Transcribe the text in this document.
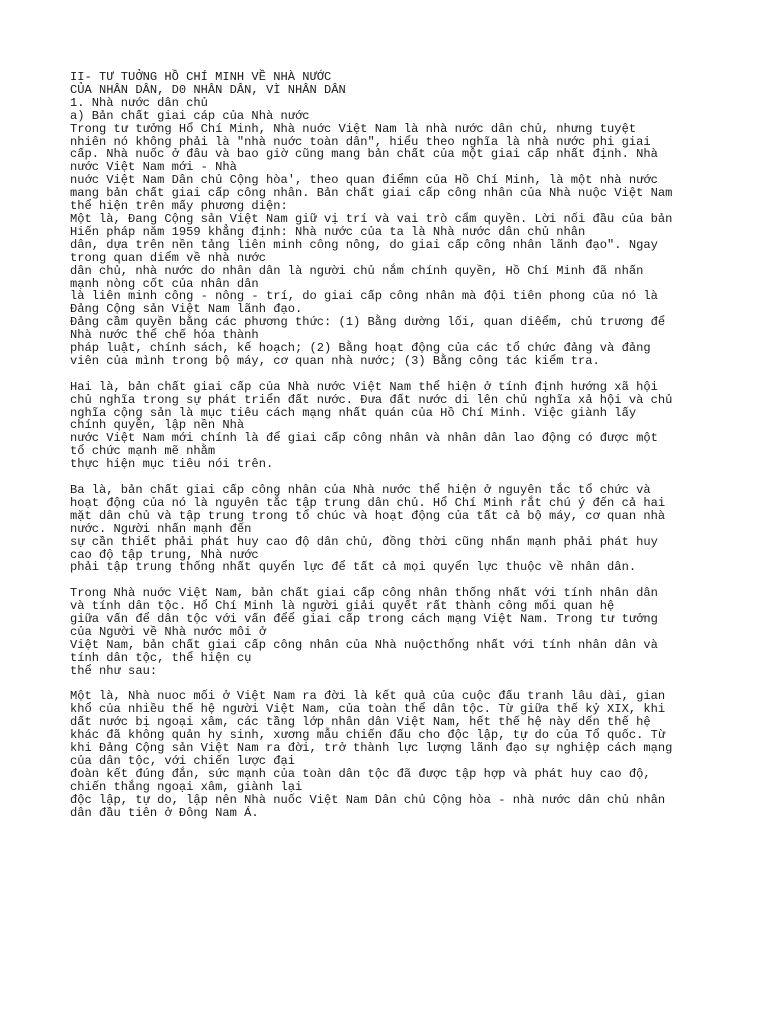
II- TƯ TUỞNG HỒ CHÍ MINH VỀ NHÀ NƯỚC
CỦA NHÂN DÂN, D0 NHÂN DÂN, VÌ NHÂN DÂN
1. Nhà nước dân chủ
a) Bản chất giai cáp của Nhà nước
Trong tư tưởng Hổ Chí Minh, Nhà nuớc Việt Nam là nhà nước dân chủ, nhưng tuyệt
nhiên nó không phải là "nhà nuớc toàn dân", hiểu theo nghĩa là nhà nước phi giai
cấp. Nhà nuốc ở đâu và bao giờ cũng mang bản chất của một giai cấp nhất định. Nhà
nước Việt Nam mới - Nhà
nuớc Việt Nam Dân chủ Cộng hòa', theo quan điểmn của Hồ Chí Minh, là một nhà nước
mang bản chất giai cấp công nhân. Bản chất giai cấp công nhân của Nhà nuộc Việt Nam
thể hiện trên mấy phương diện:
Một là, Đang Cộng sản Việt Nam giữ vị trí và vai trò cẩm quyền. Lời nối đầu của bản
Hiến pháp năm 1959 khẳng định: Nhà nước của ta là Nhà nước dân chủ nhân
dân, dựa trên nền tảng liên minh công nông, do giai cấp công nhân lãnh đạo". Ngay
trong quan diểm về nhà nước
dân chủ, nhà nước do nhân dân là người chủ nắm chính quyền, Hồ Chí Minh đã nhấn
mạnh nòng cốt của nhân dân
là liên minh công - nông - trí, do giai cấp công nhân mà đội tiên phong của nó là
Đảng Cộng sản Việt Nam lãnh đạo.
Đảng cầm quyền bằng các phương thức: (1) Bằng dường lối, quan diêểm, chủ trương để
Nhà nước thể chế hóa thành
pháp luật, chính sách, kế hoạch; (2) Bằng hoạt động của các tổ chức đảng và đảng
viên của mình trong bộ máy, cơ quan nhà nước; (3) Bằng công tác kiểm tra.
Hai là, bản chất giai cấp của Nhà nước Việt Nam thể hiện ở tính định hướng xã hội
chủ nghĩa trong sự phát triển đất nước. Đưa đất nước di lên chủ nghĩa xả hội và chủ
nghĩa cộng sản là mục tiêu cách mạng nhất quán của Hồ Chí Minh. Việc giành lấy
chính quyền, lập nền Nhà
nước Việt Nam mới chính là để giai cấp công nhân và nhân dân lao động có được một
tổ chức mạnh mẽ nhằm
thực hiện mục tiêu nói trên.
Ba là, bản chất giai cấp công nhân của Nhà nước thể hiện ở nguyên tắc tổ chức và
hoạt động của nó là nguyên tắc tập trung dân chủ. Hổ Chí Minh rắt chú ý đến cả hai
mặt dân chủ và tập trung trong tổ chúc và hoạt động của tất cả bộ máy, cơ quan nhà
nước. Người nhấn mạnh đến
sự cần thiết phải phát huy cao độ dân chủ, đồng thời cũng nhấn mạnh phải phát huy
cao độ tập trung, Nhà nước
phải tập trung thống nhất quyển lực để tất cả mọi quyển lực thuộc về nhân dân.
Trong Nhà nuớc Việt Nam, bản chất giai cấp công nhân thống nhất với tính nhân dân
và tính dân tộc. Hổ Chí Minh là người giải quyết rất thành công mối quan hệ
giữa vấn để dân tộc với vấn đểể giai cấp trong cách mạng Việt Nam. Trong tư tưởng
của Người về Nhà nước môi ở
Việt Nam, bản chất giai cấp công nhân của Nhà nuộcthống nhất với tính nhân dân và
tính dân tộc, thể hiện cụ
thể như sau:
Một là, Nhà nuoc mối ở Việt Nam ra đời là kết quả của cuộc đấu tranh lâu dài, gian
khổ của nhiều thế hệ người Việt Nam, của toàn thể dân tộc. Từ giữa thế kỷ XIX, khi
dất nước bị ngoại xâm, các tầng lớp nhân dân Việt Nam, hết thế hệ này dến thế hệ
khác đã không quản hy sinh, xương mẫu chiến đấu cho độc lập, tự do của Tổ quốc. Từ
khi Đảng Cộng sản Việt Nam ra đời, trở thành lực lượng lãnh đạo sự nghiệp cách mạng
của dân tộc, với chiến lược đại
đoàn kết đúng đắn, sức mạnh của toàn dân tộc đã được tập hợp và phát huy cao độ,
chiến thắng ngoại xâm, giành lại
độc lập, tự do, lập nên Nhà nuốc Việt Nam Dân chủ Cộng hòa - nhà nước dân chủ nhân
dân đầu tiên ở Đông Nam Á.
